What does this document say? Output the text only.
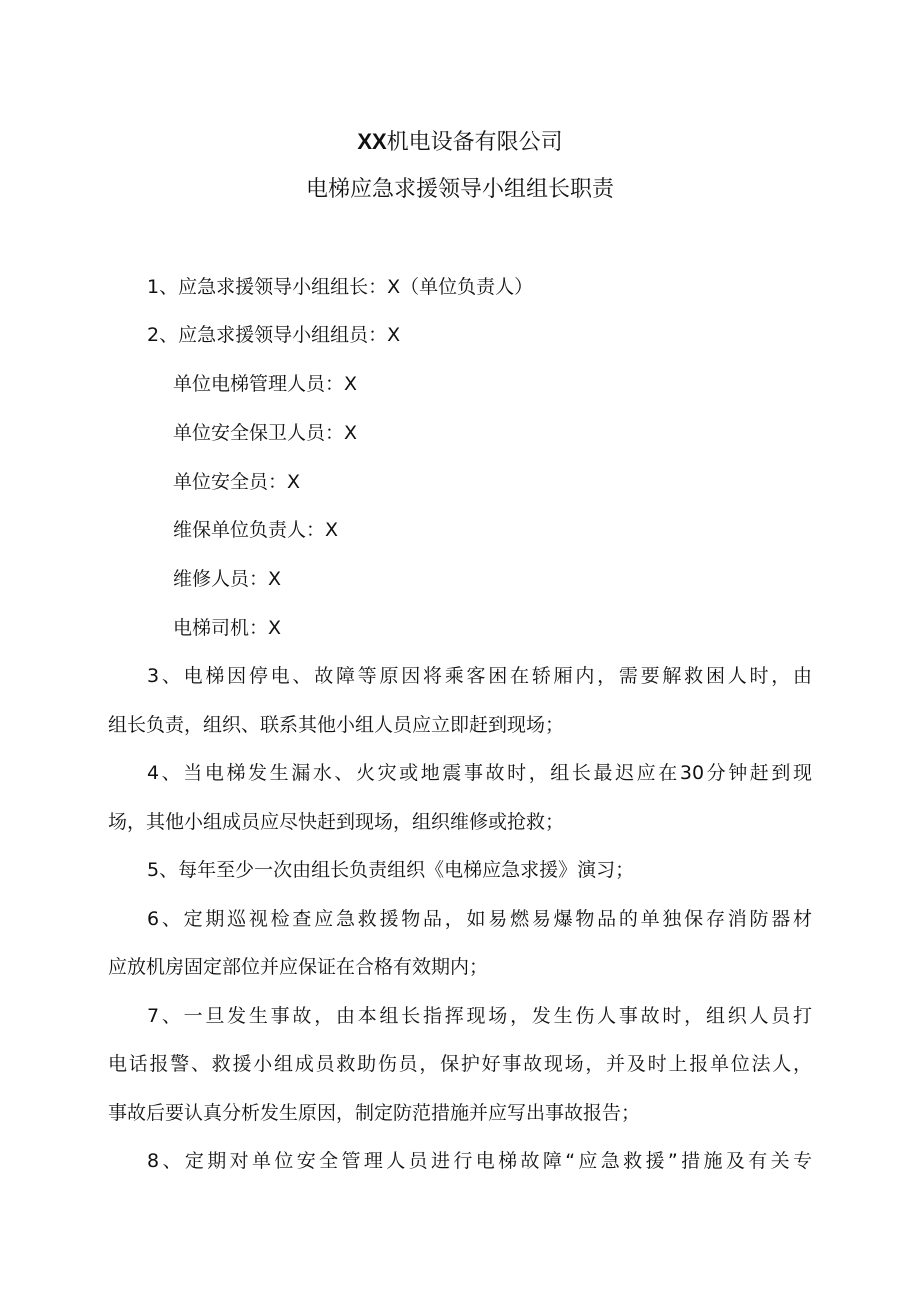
XX机电设备有限公司
电梯应急求援领导小组组长职责
1、应急求援领导小组组长：X（单位负责人）
2、应急求援领导小组组员：X
单位电梯管理人员：X
单位安全保卫人员：X
单位安全员：X
维保单位负责人：X
维修人员：X
电梯司机：X
3、电梯因停电、故障等原因将乘客困在轿厢内，需要解救困人时，由
组长负责，组织、联系其他小组人员应立即赶到现场；
4、当电梯发生漏水、火灾或地震事故时，组长最迟应在30分钟赶到现
场，其他小组成员应尽快赶到现场，组织维修或抢救；
5、每年至少一次由组长负责组织《电梯应急求援》演习；
6、定期巡视检查应急救援物品，如易燃易爆物品的单独保存消防器材
应放机房固定部位并应保证在合格有效期内；
7、一旦发生事故，由本组长指挥现场，发生伤人事故时，组织人员打
电话报警、救援小组成员救助伤员，保护好事故现场，并及时上报单位法人，
事故后要认真分析发生原因，制定防范措施并应写出事故报告；
8、定期对单位安全管理人员进行电梯故障“应急救援”措施及有关专
